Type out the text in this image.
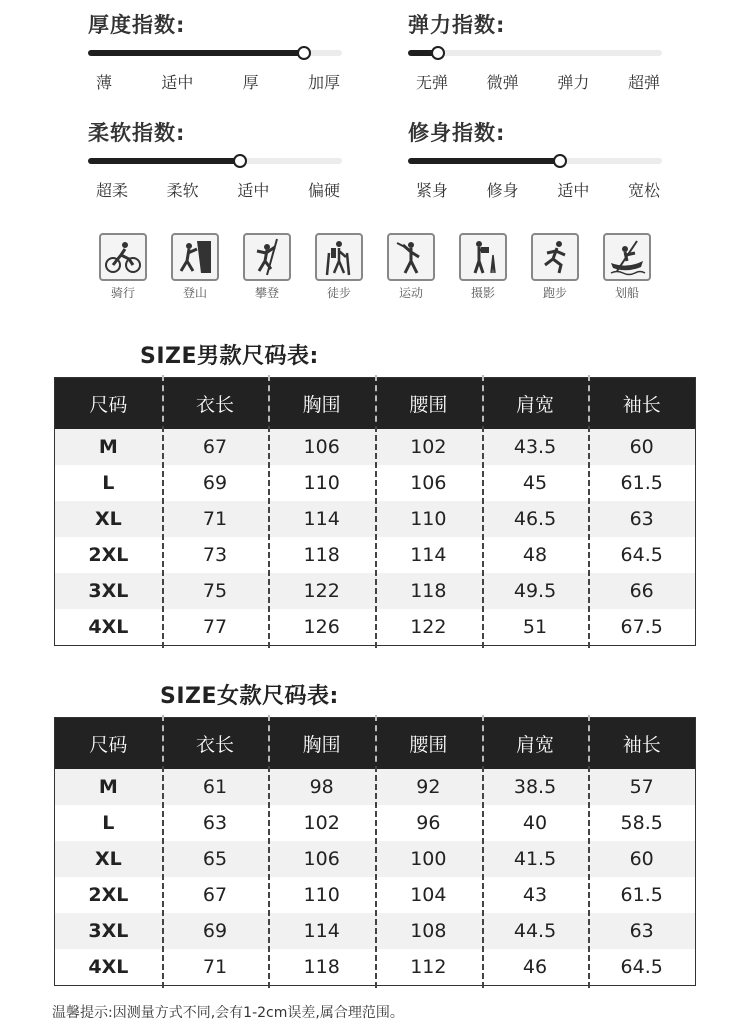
厚度指数:
薄	适中	厚	加厚
弹力指数:
无弹 微弹 弹力 超弹
柔软指数:
超柔 柔软 适中 偏硬
修身指数:
紧身 修身 适中 宽松
骑行	登山	攀登	徒步	运动	摄影	跑步	划船
SIZE男款尺码表:
尺码	衣长	胸围	腰围	肩宽	袖长
M	67	106	102	43.5	60
L	69	110	106	45	61.5
XL	71	114	110	46.5	63
2XL	73	118	114	48	64.5
3XL	75	122	118	49.5	66
4XL	77	126	122	51	67.5
SIZE女款尺码表:
尺码	衣长	胸围	腰围	肩宽	袖长
M	61	98	92	38.5	57
L	63	102	96	40	58.5
XL	65	106	100	41.5	60
2XL	67	110	104	43	61.5
3XL	69	114	108	44.5	63
4XL	71	118	112	46	64.5
温馨提示:因测量方式不同,会有1-2cm误差,属合理范围。
